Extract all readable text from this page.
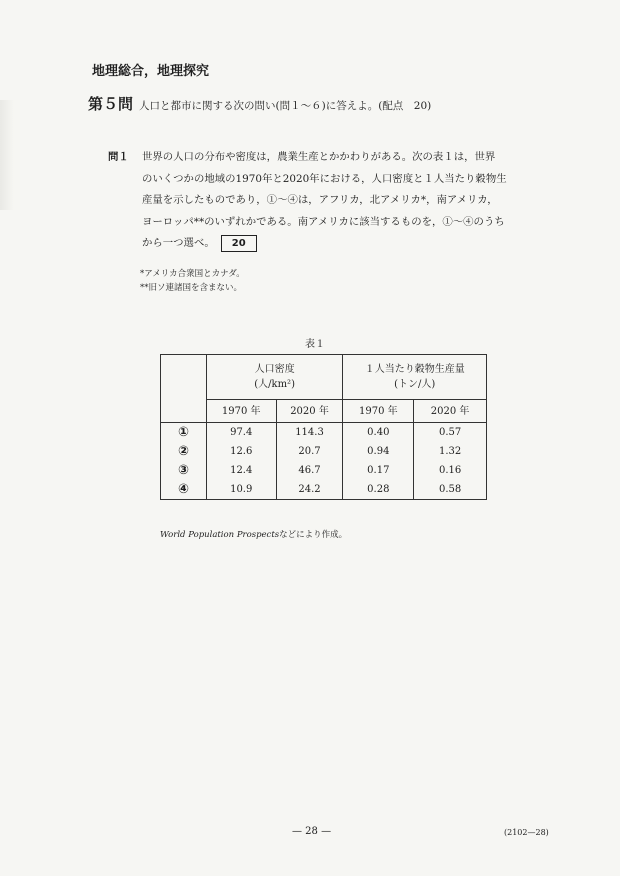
地理総合，地理探究
第５問 人口と都市に関する次の問い(問１～６)に答えよ。(配点　20)
問１	世界の人口の分布や密度は，農業生産とかかわりがある。次の表１は，世界
のいくつかの地域の1970年と2020年における，人口密度と１人当たり穀物生
産量を示したものであり，①～④は，アフリカ，北アメリカ*，南アメリカ，
ヨーロッパ**のいずれかである。南アメリカに該当するものを，①～④のうち
から一つ選べ。 20
*アメリカ合衆国とカナダ。
**旧ソ連諸国を含まない。
表１
	人口密度
(人/km²)		１人当たり穀物生産量
(トン/人)	
	1970 年	2020 年	1970 年	2020 年
①	97.4	114.3	0.40	0.57
②	12.6	20.7	0.94	1.32
③	12.4	46.7	0.17	0.16
④	10.9	24.2	0.28	0.58
World Population Prospectsなどにより作成。
— 28 —	(2102—28)
